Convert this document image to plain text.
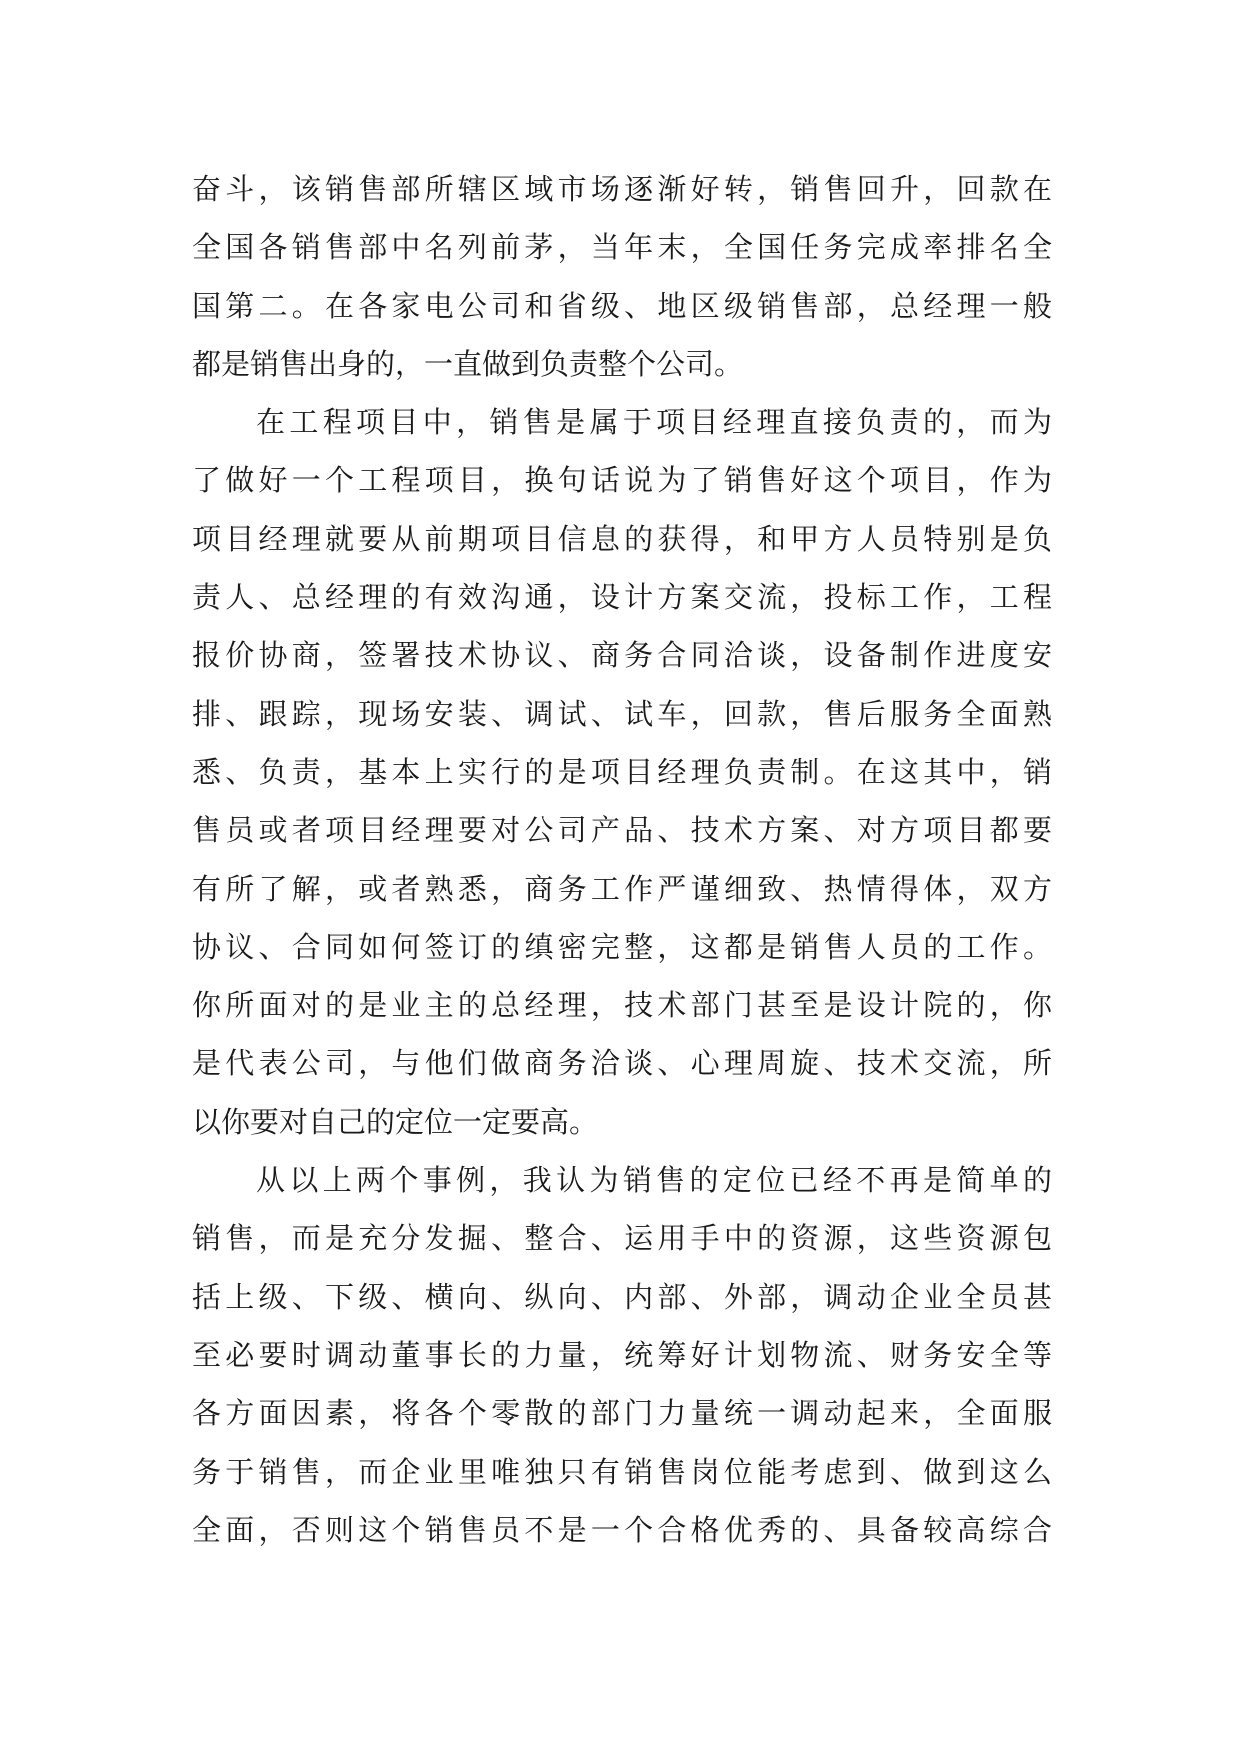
奋斗，该销售部所辖区域市场逐渐好转，销售回升，回款在
全国各销售部中名列前茅，当年末，全国任务完成率排名全
国第二。在各家电公司和省级、地区级销售部，总经理一般
都是销售出身的，一直做到负责整个公司。
在工程项目中，销售是属于项目经理直接负责的，而为
了做好一个工程项目，换句话说为了销售好这个项目，作为
项目经理就要从前期项目信息的获得，和甲方人员特别是负
责人、总经理的有效沟通，设计方案交流，投标工作，工程
报价协商，签署技术协议、商务合同洽谈，设备制作进度安
排、跟踪，现场安装、调试、试车，回款，售后服务全面熟
悉、负责，基本上实行的是项目经理负责制。在这其中，销
售员或者项目经理要对公司产品、技术方案、对方项目都要
有所了解，或者熟悉，商务工作严谨细致、热情得体，双方
协议、合同如何签订的缜密完整，这都是销售人员的工作。
你所面对的是业主的总经理，技术部门甚至是设计院的，你
是代表公司，与他们做商务洽谈、心理周旋、技术交流，所
以你要对自己的定位一定要高。
从以上两个事例，我认为销售的定位已经不再是简单的
销售，而是充分发掘、整合、运用手中的资源，这些资源包
括上级、下级、横向、纵向、内部、外部，调动企业全员甚
至必要时调动董事长的力量，统筹好计划物流、财务安全等
各方面因素，将各个零散的部门力量统一调动起来，全面服
务于销售，而企业里唯独只有销售岗位能考虑到、做到这么
全面，否则这个销售员不是一个合格优秀的、具备较高综合
